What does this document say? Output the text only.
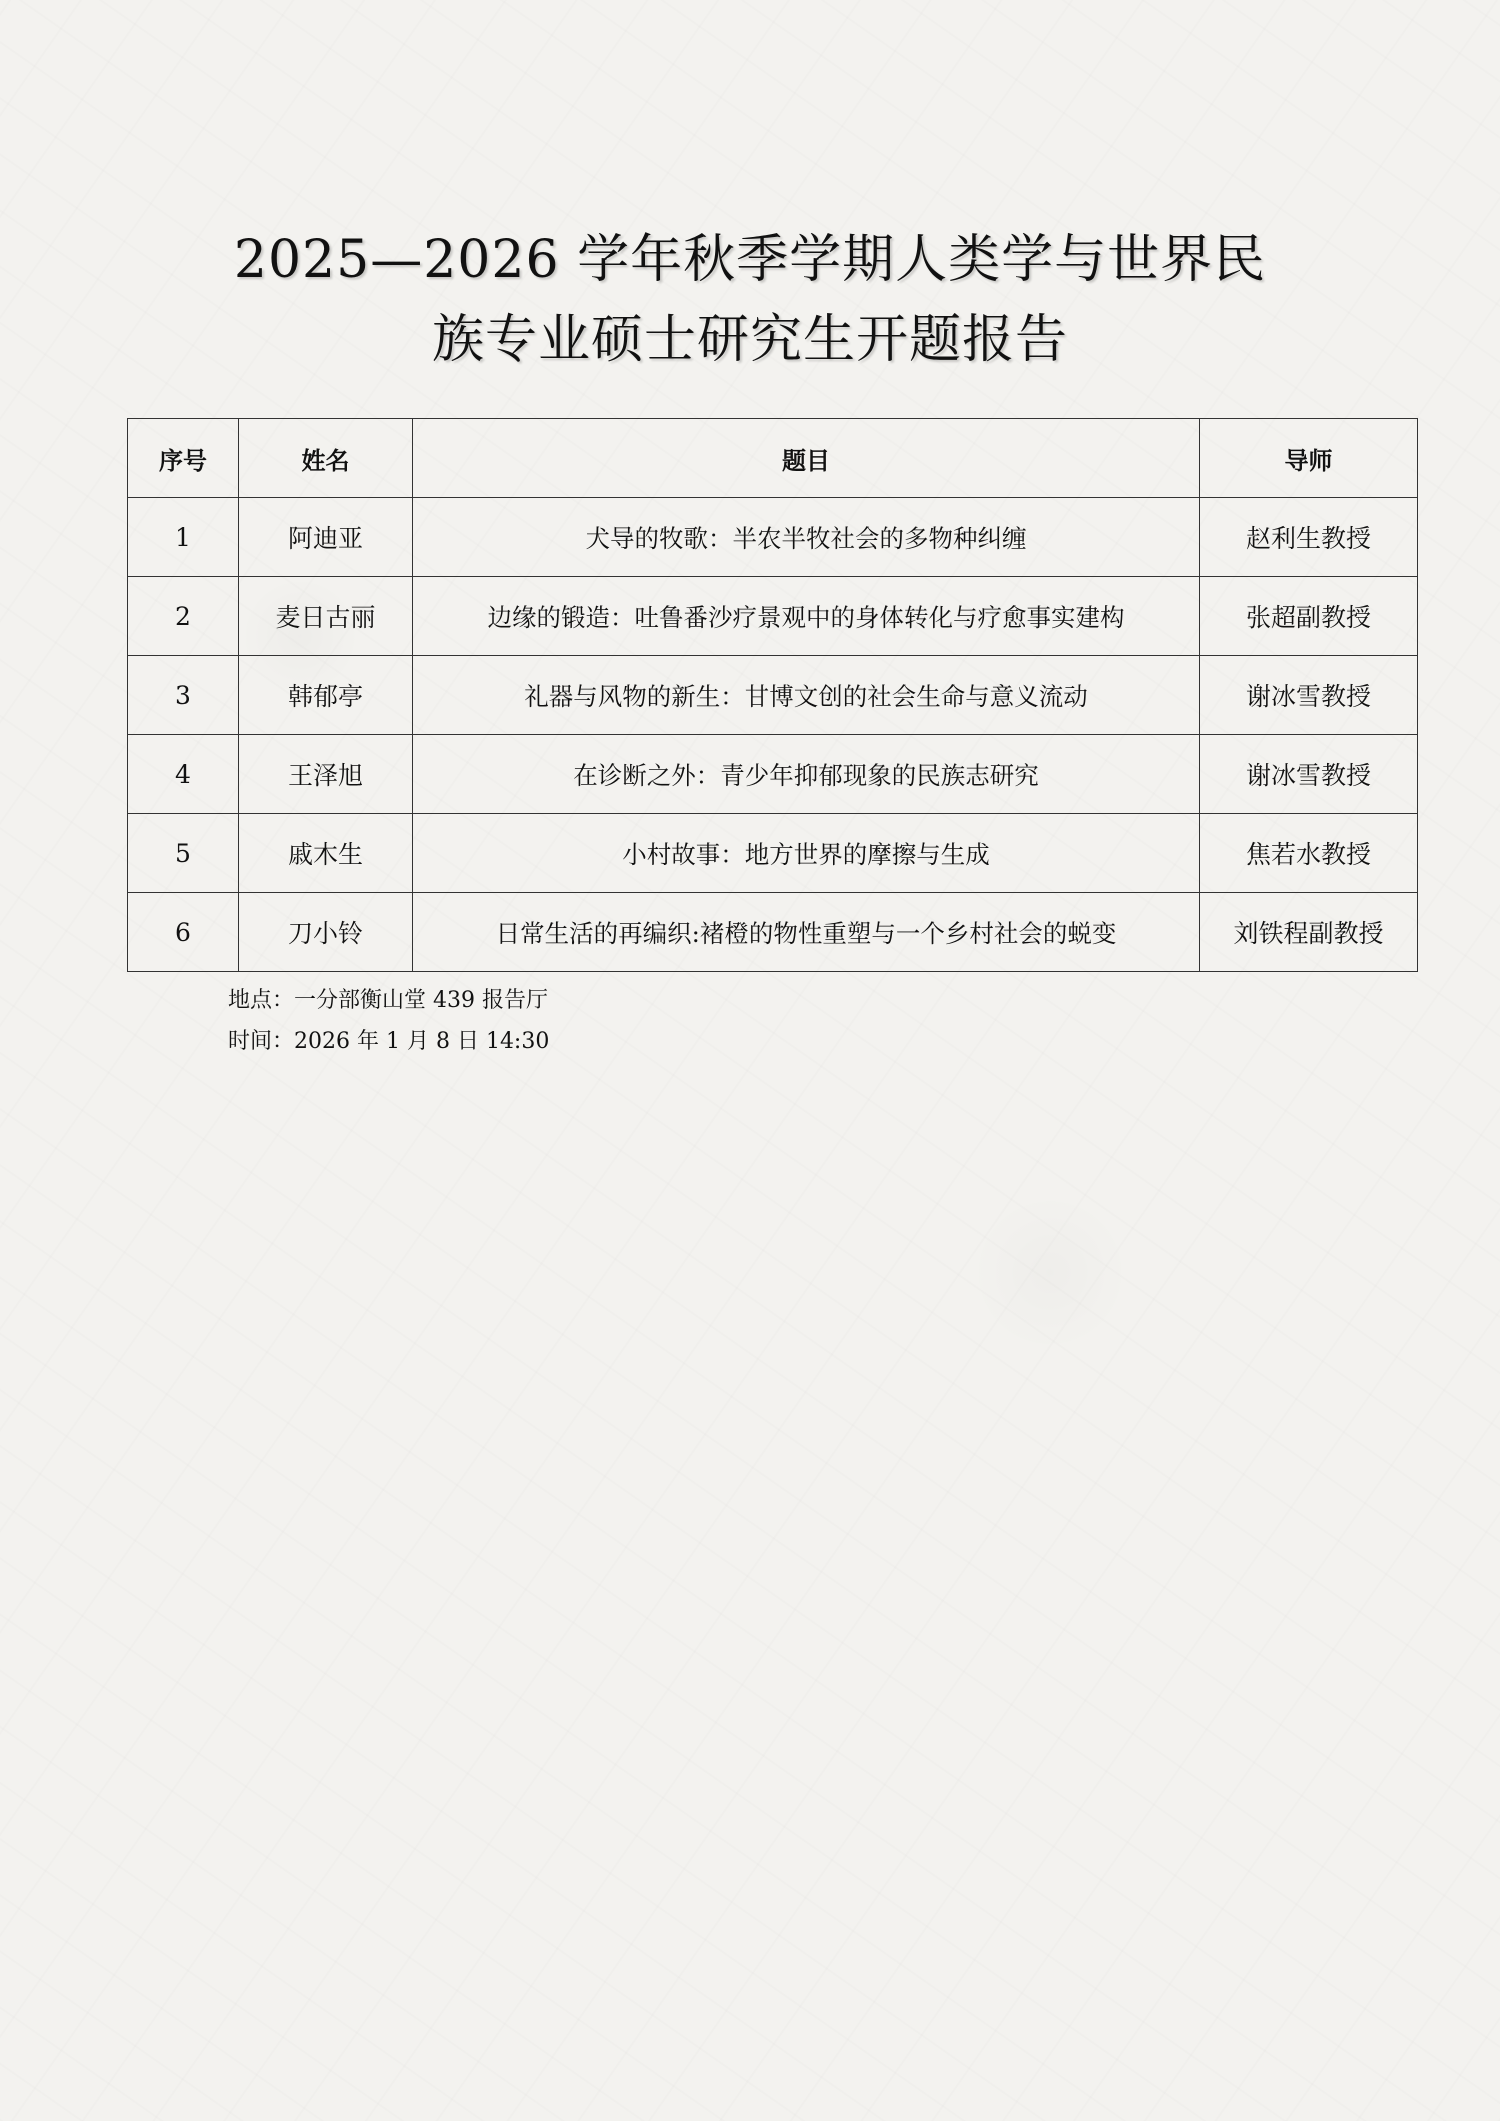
2025—2026 学年秋季学期人类学与世界民
族专业硕士研究生开题报告
序号	姓名	题目	导师
1	阿迪亚	犬导的牧歌：半农半牧社会的多物种纠缠	赵利生教授
2	麦日古丽	边缘的锻造：吐鲁番沙疗景观中的身体转化与疗愈事实建构	张超副教授
3	韩郁亭	礼器与风物的新生：甘博文创的社会生命与意义流动	谢冰雪教授
4	王泽旭	在诊断之外：青少年抑郁现象的民族志研究	谢冰雪教授
5	戚木生	小村故事：地方世界的摩擦与生成	焦若水教授
6	刀小铃	日常生活的再编织:褚橙的物性重塑与一个乡村社会的蜕变	刘铁程副教授
地点：一分部衡山堂 439 报告厅
时间：2026 年 1 月 8 日 14:30
